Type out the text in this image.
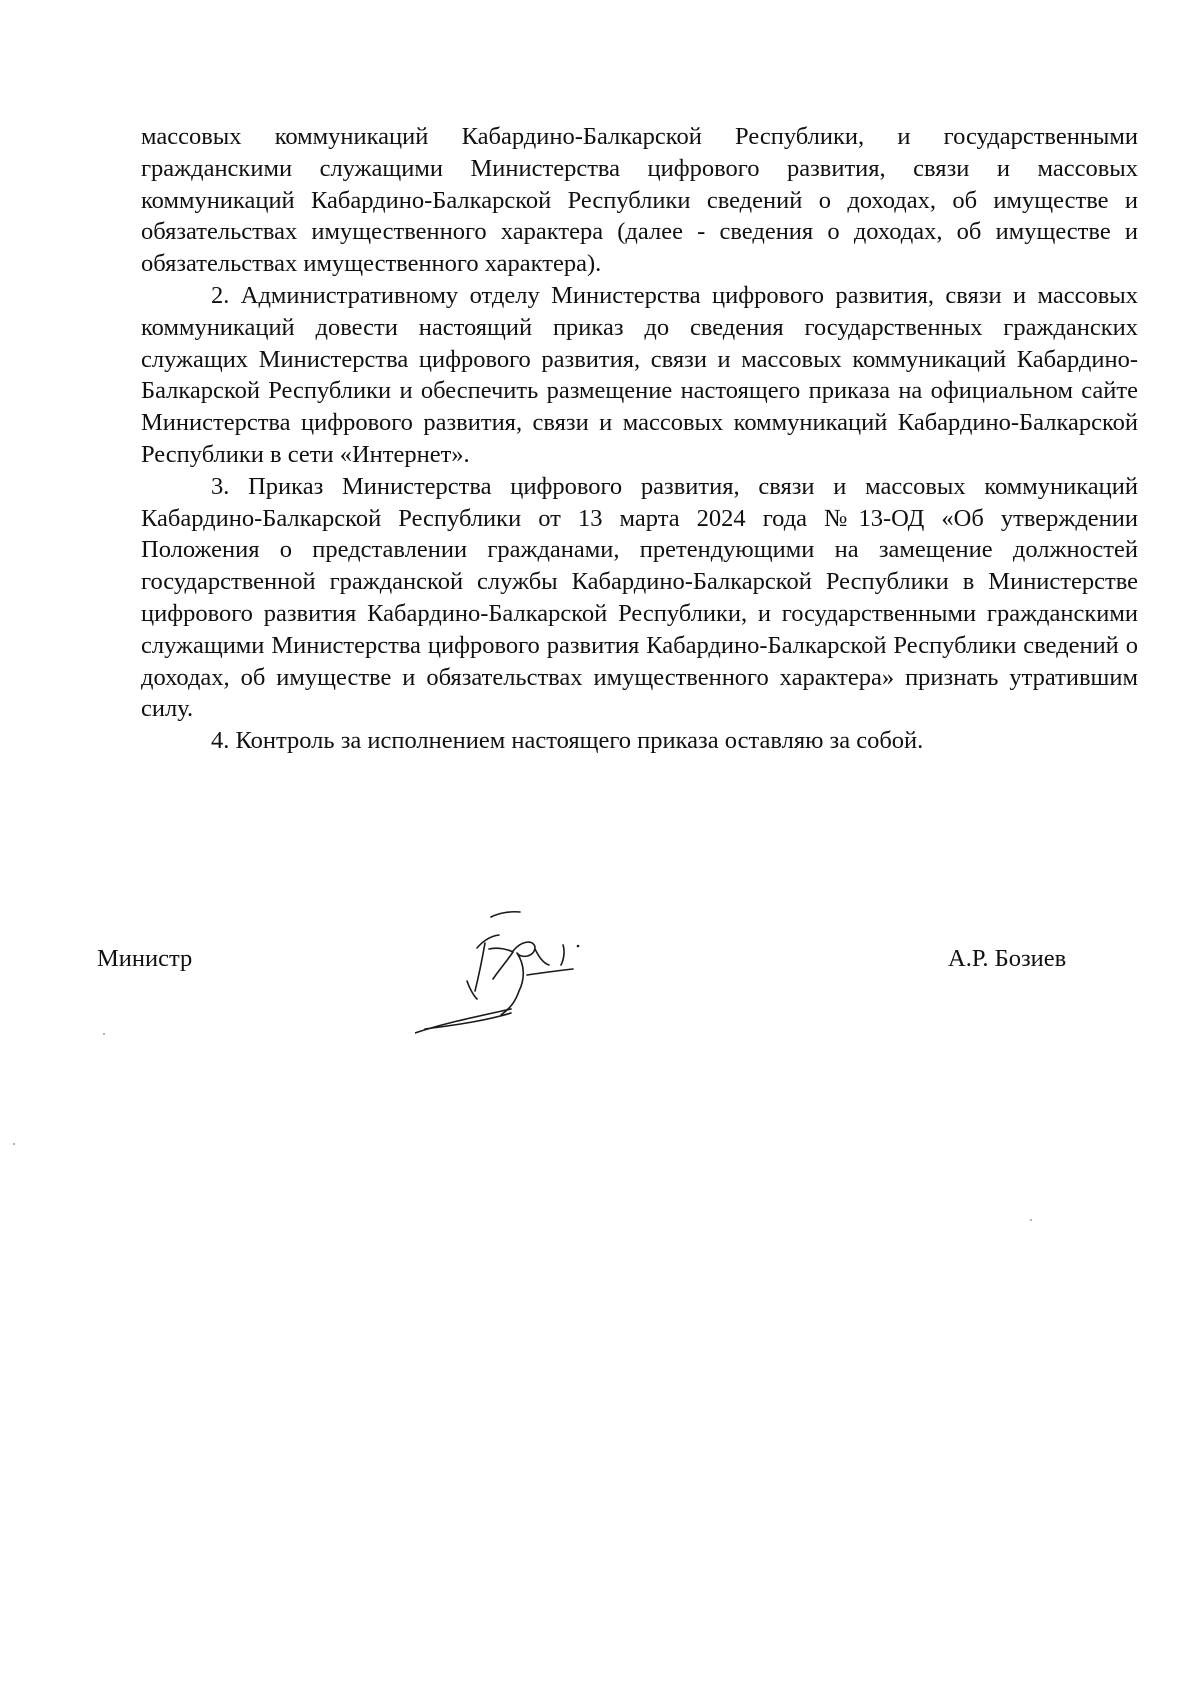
массовых коммуникаций Кабардино-Балкарской Республики, и государственными гражданскими служащими Министерства цифрового развития, связи и массовых коммуникаций Кабардино-Балкарской Республики сведений о доходах, об имуществе и обязательствах имущественного характера (далее - сведения о доходах, об имуществе и обязательствах имущественного характера).

2. Административному отделу Министерства цифрового развития, связи и массовых коммуникаций довести настоящий приказ до сведения государственных гражданских служащих Министерства цифрового развития, связи и массовых коммуникаций Кабардино-Балкарской Республики и обеспечить размещение настоящего приказа на официальном сайте Министерства цифрового развития, связи и массовых коммуникаций Кабардино-Балкарской Республики в сети «Интернет».

3. Приказ Министерства цифрового развития, связи и массовых коммуникаций Кабардино-Балкарской Республики от 13 марта 2024 года №13-ОД «Об утверждении Положения о представлении гражданами, претендующими на замещение должностей государственной гражданской службы Кабардино-Балкарской Республики в Министерстве цифрового развития Кабардино-Балкарской Республики, и государственными гражданскими служащими Министерства цифрового развития Кабардино-Балкарской Республики сведений о доходах, об имуществе и обязательствах имущественного характера» признать утратившим силу.

4. Контроль за исполнением настоящего приказа оставляю за собой.

Министр	А.Р. Бозиев
